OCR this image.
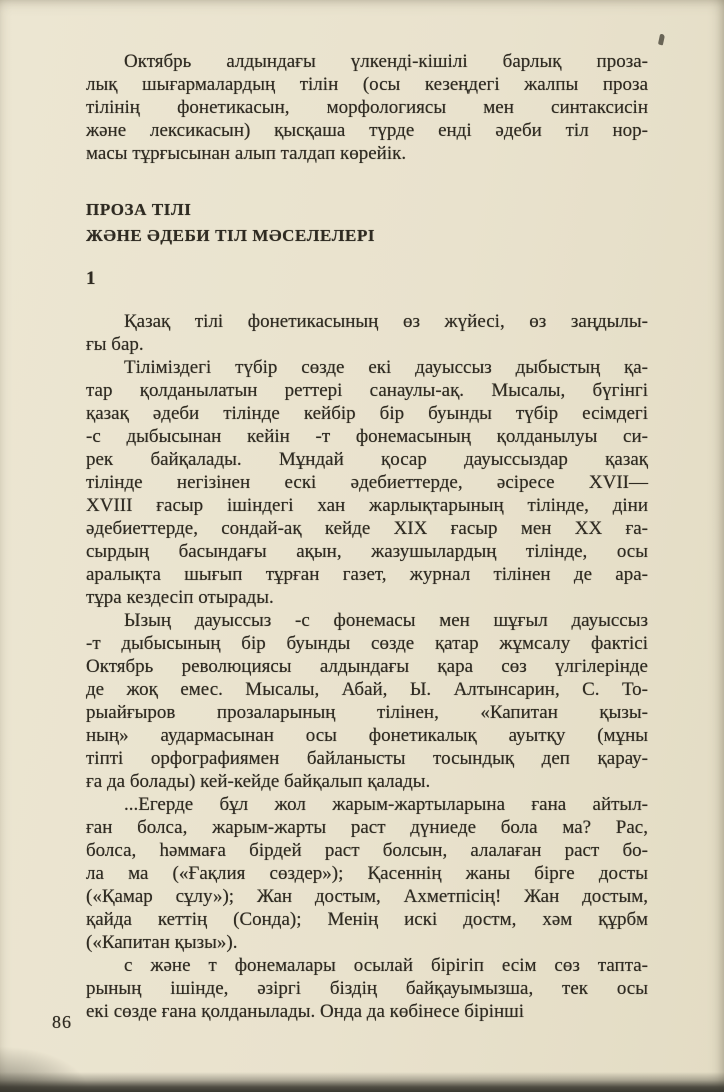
Октябрь алдындағы үлкенді-кішілі барлық проза-
лық шығармалардың тілін (осы кезеңдегі жалпы проза
тілінің фонетикасын, морфологиясы мен синтаксисін
және лексикасын) қысқаша түрде енді әдеби тіл нор-
масы тұрғысынан алып талдап көрейік.
ПРОЗА ТІЛІ
ЖӘНЕ ӘДЕБИ ТІЛ МӘСЕЛЕЛЕРІ
1
Қазақ тілі фонетикасының өз жүйесі, өз заңдылы-
ғы бар.
Тіліміздегі түбір сөзде екі дауыссыз дыбыстың қа-
тар қолданылатын реттері санаулы-ақ. Мысалы, бүгінгі
қазақ әдеби тілінде кейбір бір буынды түбір есімдегі
-с дыбысынан кейін -т фонемасының қолданылуы си-
рек байқалады. Мұндай қосар дауыссыздар қазақ
тілінде негізінен ескі әдебиеттерде, әсіресе XVII—
XVIII ғасыр ішіндегі хан жарлықтарының тілінде, діни
әдебиеттерде, сондай-ақ кейде XIX ғасыр мен XX ға-
сырдың басындағы ақын, жазушылардың тілінде, осы
аралықта шығып тұрған газет, журнал тілінен де ара-
тұра кездесіп отырады.
Ызың дауыссыз -с фонемасы мен шұғыл дауыссыз
-т дыбысының бір буынды сөзде қатар жұмсалу фактісі
Октябрь революциясы алдындағы қара сөз үлгілерінде
де жоқ емес. Мысалы, Абай, Ы. Алтынсарин, С. То-
рыайғыров прозаларының тілінен, «Капитан қызы-
ның» аудармасынан осы фонетикалық ауытқу (мұны
тіпті орфографиямен байланысты тосындық деп қарау-
ға да болады) кей-кейде байқалып қалады.
...Егерде бұл жол жарым-жартыларына ғана айтыл-
ған болса, жарым-жарты раст дүниеде бола ма? Рас,
болса, һәммаға бірдей раст болсын, алалаған раст бо-
ла ма («Ғақлия сөздер»); Қасеннің жаны бірге досты
(«Қамар сұлу»); Жан достым, Ахметпісің! Жан достым,
қайда кеттің (Сонда); Менің искі достм, хәм құрбм
(«Капитан қызы»).
с және т фонемалары осылай бірігіп есім сөз тапта-
рының ішінде, әзіргі біздің байқауымызша, тек осы
екі сөзде ғана қолданылады. Онда да көбінесе бірінші
86
